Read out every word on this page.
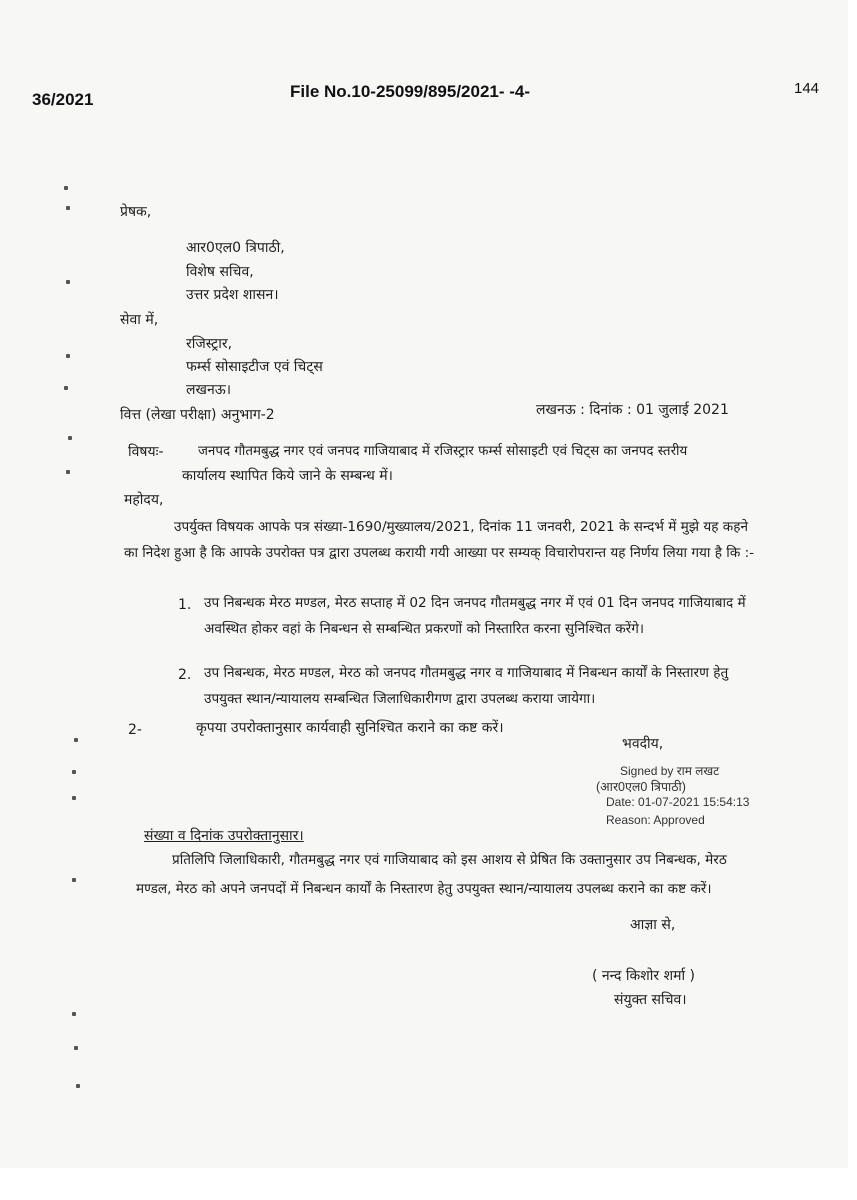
36/2021	File No.10-25099/895/2021- -4-	144
प्रेषक,
आर0एल0 त्रिपाठी,
विशेष सचिव,
उत्तर प्रदेश शासन।
सेवा में,
रजिस्ट्रार,
फर्म्स सोसाइटीज एवं चिट्स
लखनऊ।
वित्त (लेखा परीक्षा) अनुभाग-2	लखनऊ : दिनांक : 01 जुलाई 2021
विषयः-	जनपद गौतमबुद्ध नगर एवं जनपद गाजियाबाद में रजिस्ट्रार फर्म्स सोसाइटी एवं चिट्स का जनपद स्तरीय
कार्यालय स्थापित किये जाने के सम्बन्ध में।
महोदय,
उपर्युक्त विषयक आपके पत्र संख्या-1690/मुख्यालय/2021, दिनांक 11 जनवरी, 2021 के सन्दर्भ में मुझे यह कहने का निदेश हुआ है कि आपके उपरोक्त पत्र द्वारा उपलब्ध करायी गयी आख्या पर सम्यक् विचारोपरान्त यह निर्णय लिया गया है कि :-
1. उप निबन्धक मेरठ मण्डल, मेरठ सप्ताह में 02 दिन जनपद गौतमबुद्ध नगर में एवं 01 दिन जनपद गाजियाबाद में अवस्थित होकर वहां के निबन्धन से सम्बन्धित प्रकरणों को निस्तारित करना सुनिश्चित करेंगे।
2. उप निबन्धक, मेरठ मण्डल, मेरठ को जनपद गौतमबुद्ध नगर व गाजियाबाद में निबन्धन कार्यों के निस्तारण हेतु उपयुक्त स्थान/न्यायालय सम्बन्धित जिलाधिकारीगण द्वारा उपलब्ध कराया जायेगा।
2-	कृपया उपरोक्तानुसार कार्यवाही सुनिश्चित कराने का कष्ट करें।
भवदीय,
Signed by राम लखट
(आर0एल0 त्रिपाठी)
Date: 01-07-2021 15:54:13
Reason: Approved
संख्या व दिनांक उपरोक्तानुसार।
प्रतिलिपि जिलाधिकारी, गौतमबुद्ध नगर एवं गाजियाबाद को इस आशय से प्रेषित कि उक्तानुसार उप निबन्धक, मेरठ मण्डल, मेरठ को अपने जनपदों में निबन्धन कार्यों के निस्तारण हेतु उपयुक्त स्थान/न्यायालय उपलब्ध कराने का कष्ट करें।
आज्ञा से,
( नन्द किशोर शर्मा )
संयुक्त सचिव।
